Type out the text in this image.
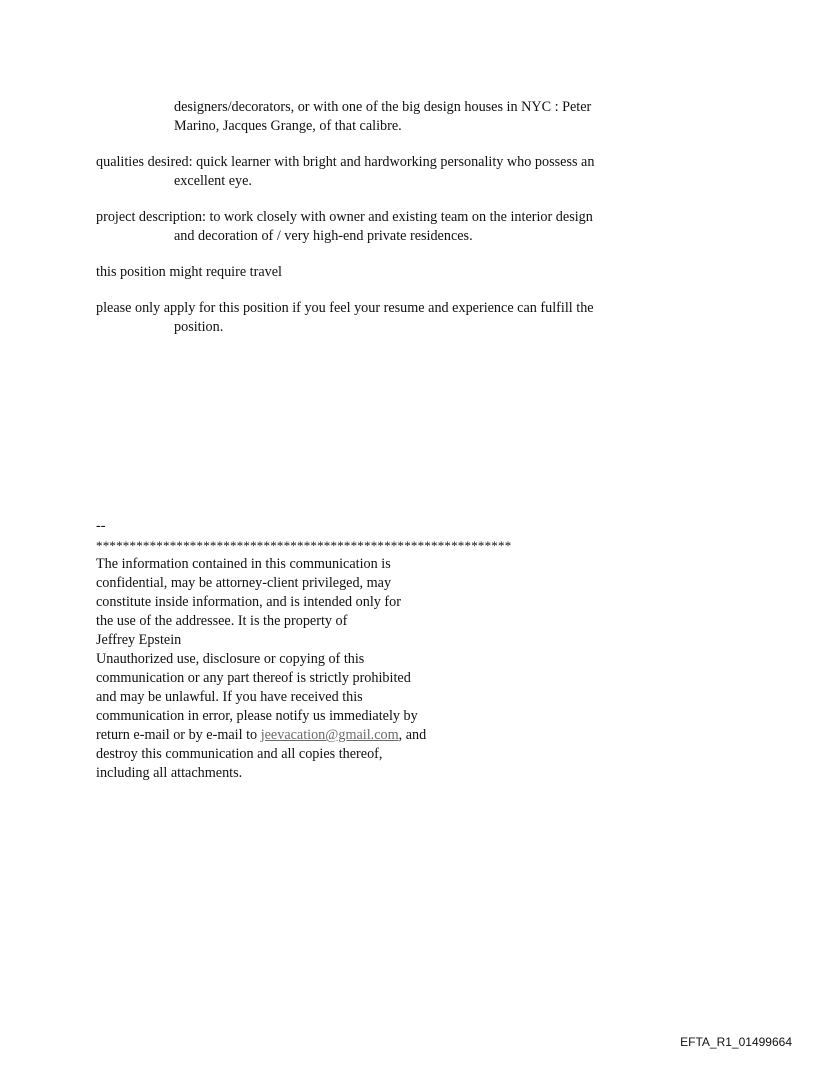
designers/decorators, or with one of the big design houses in NYC : Peter
Marino, Jacques Grange, of that calibre.

qualities desired: quick learner with bright and hardworking personality who possess an
excellent eye.

project description: to work closely with owner and existing team on the interior design
and decoration of / very high-end private residences.

this position might require travel

please only apply for this position if you feel your resume and experience can fulfill the
position.

--
**************************************************************
The information contained in this communication is
confidential, may be attorney-client privileged, may
constitute inside information, and is intended only for
the use of the addressee. It is the property of
Jeffrey Epstein
Unauthorized use, disclosure or copying of this
communication or any part thereof is strictly prohibited
and may be unlawful. If you have received this
communication in error, please notify us immediately by
return e-mail or by e-mail to jeevacation@gmail.com, and
destroy this communication and all copies thereof,
including all attachments.
EFTA_R1_01499664
